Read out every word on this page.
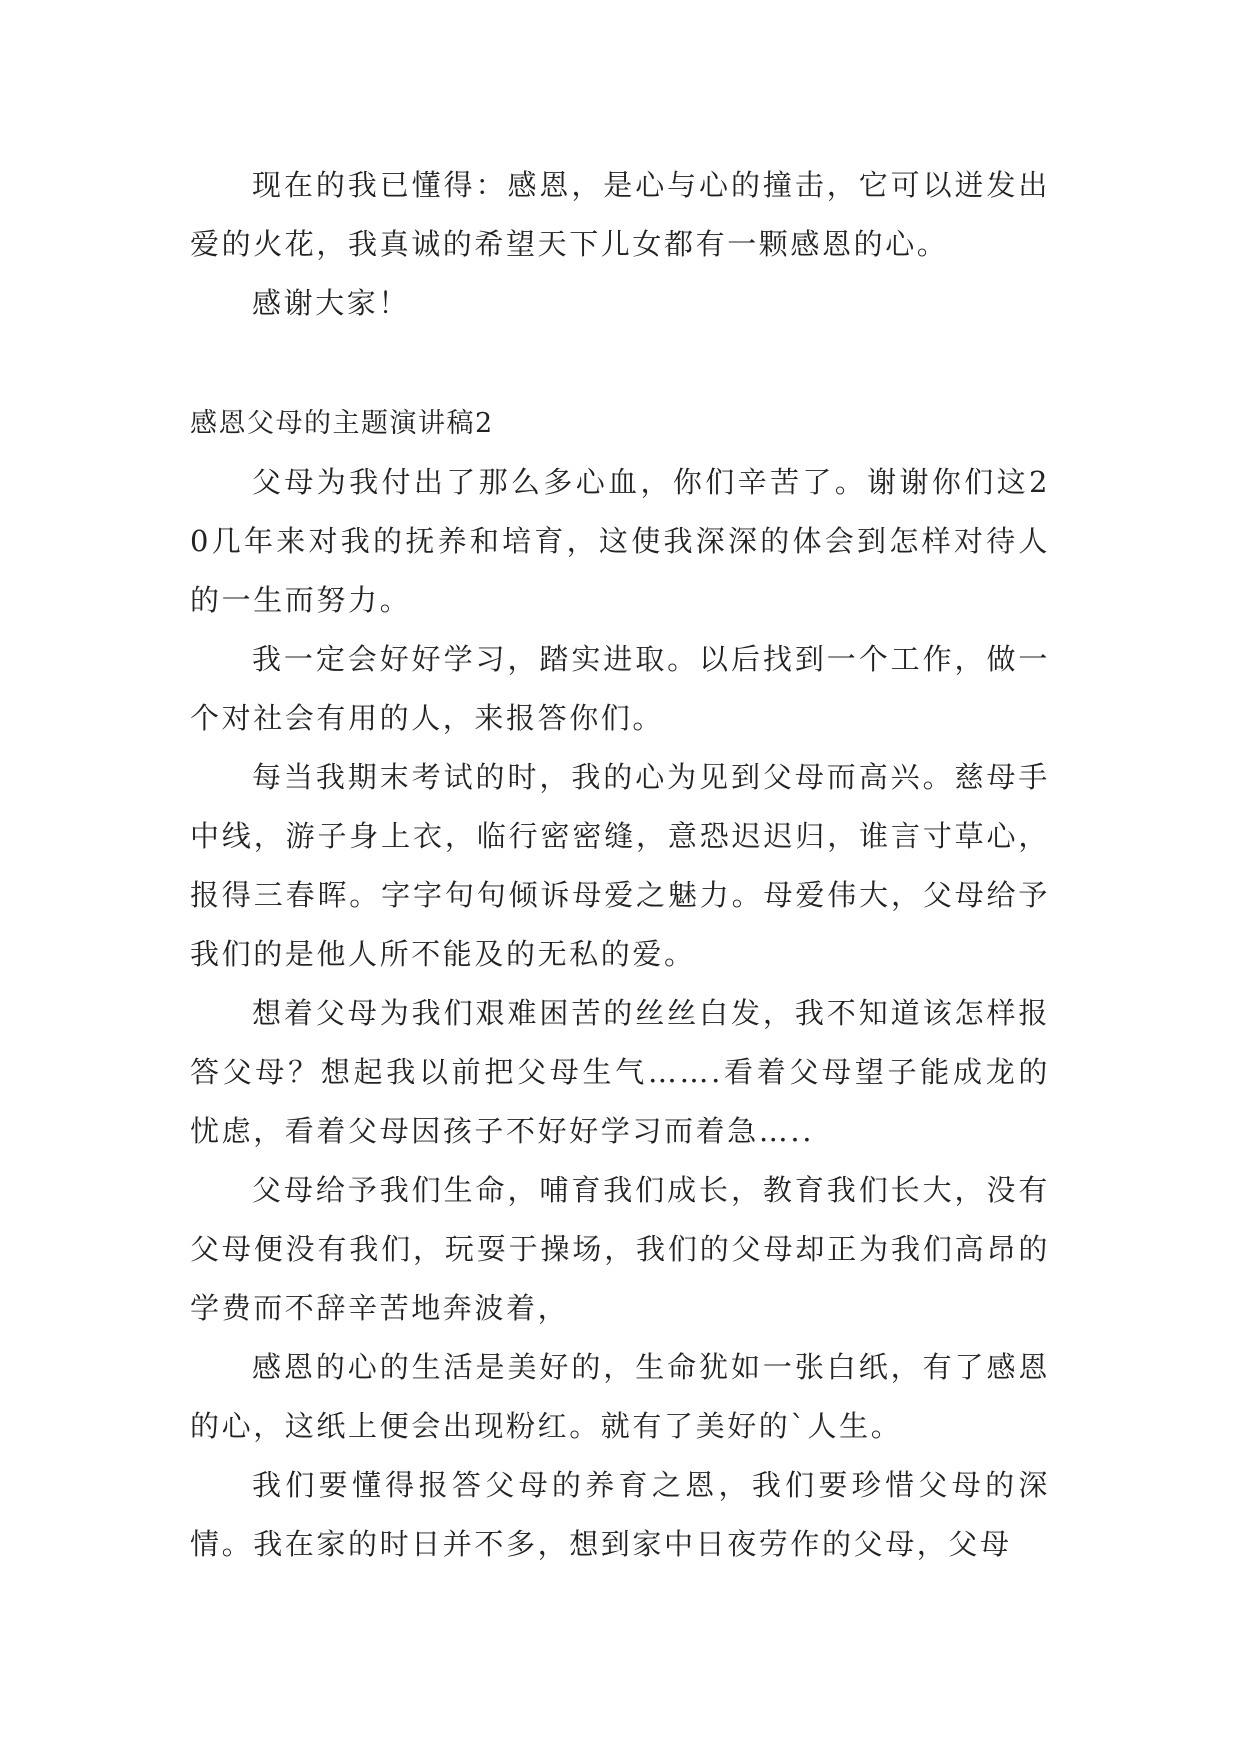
现在的我已懂得：感恩，是心与心的撞击，它可以迸发出爱的火花，我真诚的希望天下儿女都有一颗感恩的心。

感谢大家！

感恩父母的主题演讲稿2

父母为我付出了那么多心血，你们辛苦了。谢谢你们这20几年来对我的抚养和培育，这使我深深的体会到怎样对待人的一生而努力。

我一定会好好学习，踏实进取。以后找到一个工作，做一个对社会有用的人，来报答你们。

每当我期末考试的时，我的心为见到父母而高兴。慈母手中线，游子身上衣，临行密密缝，意恐迟迟归，谁言寸草心，报得三春晖。字字句句倾诉母爱之魅力。母爱伟大，父母给予我们的是他人所不能及的无私的爱。

想着父母为我们艰难困苦的丝丝白发，我不知道该怎样报答父母？想起我以前把父母生气…….看着父母望子能成龙的忧虑，看着父母因孩子不好好学习而着急…..

父母给予我们生命，哺育我们成长，教育我们长大，没有父母便没有我们，玩耍于操场，我们的父母却正为我们高昂的学费而不辞辛苦地奔波着，

感恩的心的生活是美好的，生命犹如一张白纸，有了感恩的心，这纸上便会出现粉红。就有了美好的`人生。

我们要懂得报答父母的养育之恩，我们要珍惜父母的深情。我在家的时日并不多，想到家中日夜劳作的父母，父母
